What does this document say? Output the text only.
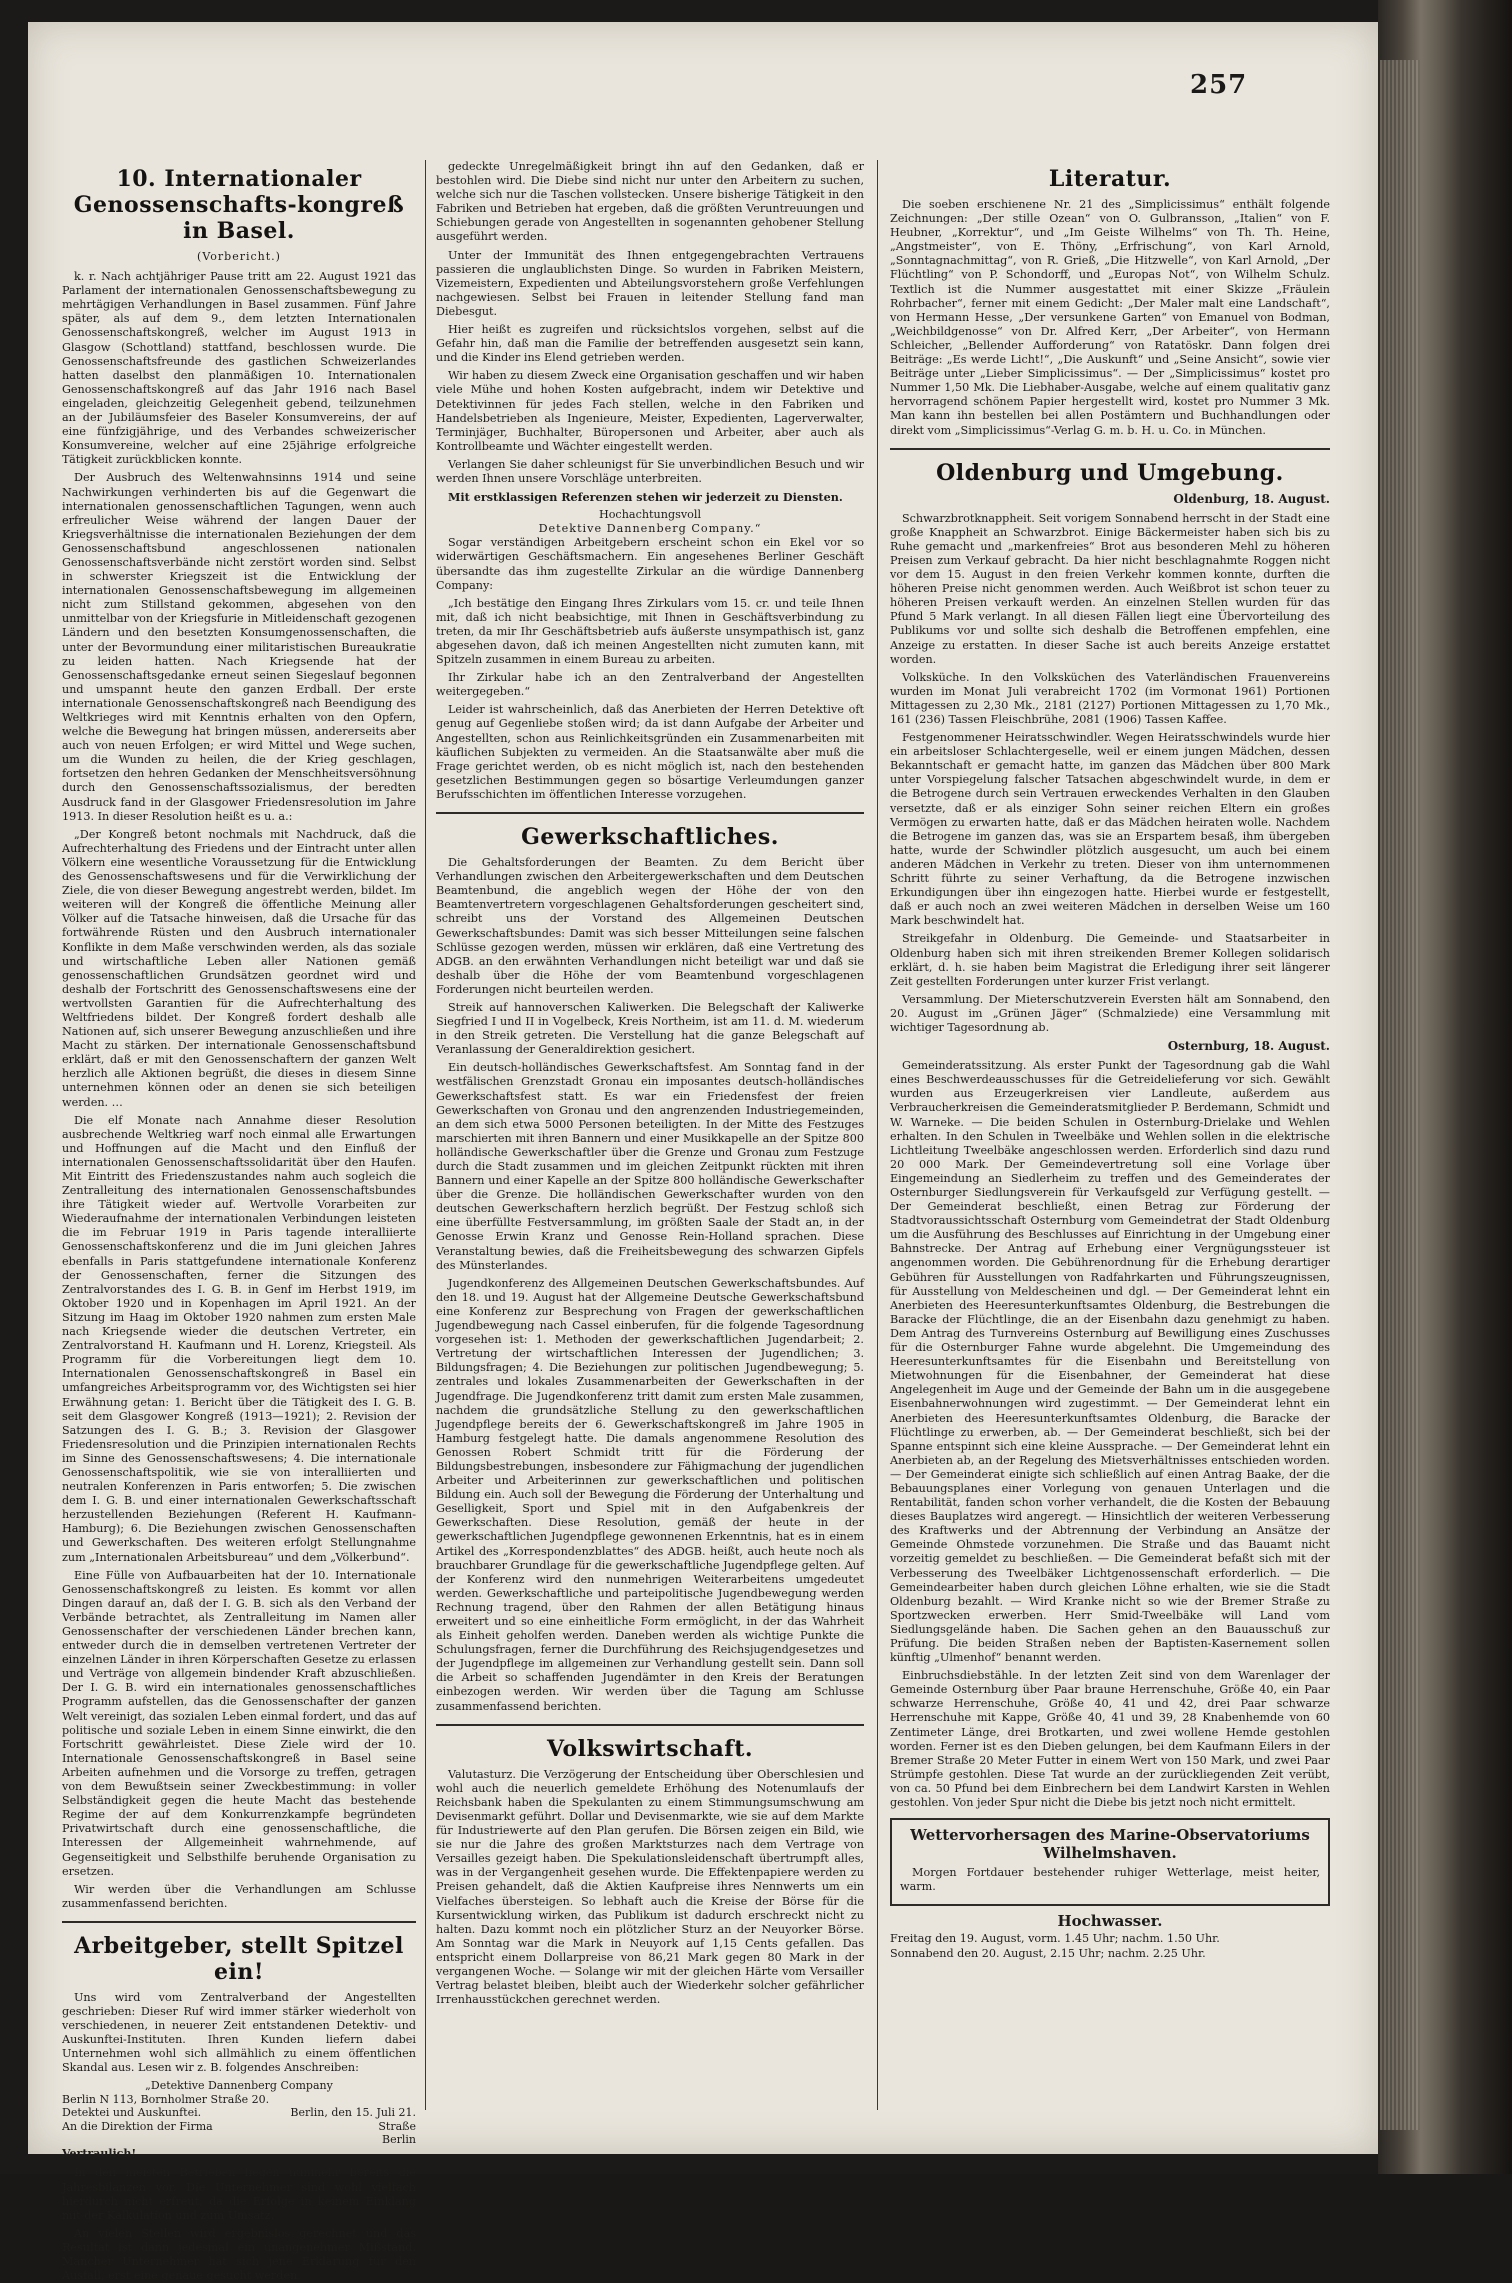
257
10. Internationaler Genossenschafts-kongreß in Basel.
(Vorbericht.)

k. r. Nach achtjähriger Pause tritt am 22. August 1921 das Parlament der internationalen Genossenschaftsbewegung zu mehrtägigen Verhandlungen in Basel zusammen. Fünf Jahre später, als auf dem 9., dem letzten Internationalen Genossenschaftskongreß, welcher im August 1913 in Glasgow (Schottland) stattfand, beschlossen wurde. Die Genossenschaftsfreunde des gastlichen Schweizerlandes hatten daselbst den planmäßigen 10. Internationalen Genossenschaftskongreß auf das Jahr 1916 nach Basel eingeladen, gleichzeitig Gelegenheit gebend, teilzunehmen an der Jubiläumsfeier des Baseler Konsumvereins, der auf eine fünfzigjährige, und des Verbandes schweizerischer Konsumvereine, welcher auf eine 25jährige erfolgreiche Tätigkeit zurückblicken konnte.

Der Ausbruch des Weltenwahnsinns 1914 und seine Nachwirkungen verhinderten bis auf die Gegenwart die internationalen genossenschaftlichen Tagungen, wenn auch erfreulicher Weise während der langen Dauer der Kriegsverhältnisse die internationalen Beziehungen der dem Genossenschaftsbund angeschlossenen nationalen Genossenschaftsverbände nicht zerstört worden sind. Selbst in schwerster Kriegszeit ist die Entwicklung der internationalen Genossenschaftsbewegung im allgemeinen nicht zum Stillstand gekommen, abgesehen von den unmittelbar von der Kriegsfurie in Mitleidenschaft gezogenen Ländern und den besetzten Konsumgenossenschaften, die unter der Bevormundung einer militaristischen Bureaukratie zu leiden hatten. Nach Kriegsende hat der Genossenschaftsgedanke erneut seinen Siegeslauf begonnen und umspannt heute den ganzen Erdball. Der erste internationale Genossenschaftskongreß nach Beendigung des Weltkrieges wird mit Kenntnis erhalten von den Opfern, welche die Bewegung hat bringen müssen, andererseits aber auch von neuen Erfolgen; er wird Mittel und Wege suchen, um die Wunden zu heilen, die der Krieg geschlagen, fortsetzen den hehren Gedanken der Menschheitsversöhnung durch den Genossenschaftssozialismus, der beredten Ausdruck fand in der Glasgower Friedensresolution im Jahre 1913. In dieser Resolution heißt es u. a.:

„Der Kongreß betont nochmals mit Nachdruck, daß die Aufrechterhaltung des Friedens und der Eintracht unter allen Völkern eine wesentliche Voraussetzung für die Entwicklung des Genossenschaftswesens und für die Verwirklichung der Ziele, die von dieser Bewegung angestrebt werden, bildet. Im weiteren will der Kongreß die öffentliche Meinung aller Völker auf die Tatsache hinweisen, daß die Ursache für das fortwährende Rüsten und den Ausbruch internationaler Konflikte in dem Maße verschwinden werden, als das soziale und wirtschaftliche Leben aller Nationen gemäß genossenschaftlichen Grundsätzen geordnet wird und deshalb der Fortschritt des Genossenschaftswesens eine der wertvollsten Garantien für die Aufrechterhaltung des Weltfriedens bildet. Der Kongreß fordert deshalb alle Nationen auf, sich unserer Bewegung anzuschließen und ihre Macht zu stärken. Der internationale Genossenschaftsbund erklärt, daß er mit den Genossenschaftern der ganzen Welt herzlich alle Aktionen begrüßt, die dieses in diesem Sinne unternehmen können oder an denen sie sich beteiligen werden. …

Die elf Monate nach Annahme dieser Resolution ausbrechende Weltkrieg warf noch einmal alle Erwartungen und Hoffnungen auf die Macht und den Einfluß der internationalen Genossenschaftssolidarität über den Haufen. Mit Eintritt des Friedenszustandes nahm auch sogleich die Zentralleitung des internationalen Genossenschaftsbundes ihre Tätigkeit wieder auf. Wertvolle Vorarbeiten zur Wiederaufnahme der internationalen Verbindungen leisteten die im Februar 1919 in Paris tagende interalliierte Genossenschaftskonferenz und die im Juni gleichen Jahres ebenfalls in Paris stattgefundene internationale Konferenz der Genossenschaften, ferner die Sitzungen des Zentralvorstandes des I. G. B. in Genf im Herbst 1919, im Oktober 1920 und in Kopenhagen im April 1921. An der Sitzung im Haag im Oktober 1920 nahmen zum ersten Male nach Kriegsende wieder die deutschen Vertreter, ein Zentralvorstand H. Kaufmann und H. Lorenz, Kriegsteil. Als Programm für die Vorbereitungen liegt dem 10. Internationalen Genossenschaftskongreß in Basel ein umfangreiches Arbeitsprogramm vor, des Wichtigsten sei hier Erwähnung getan: 1. Bericht über die Tätigkeit des I. G. B. seit dem Glasgower Kongreß (1913—1921); 2. Revision der Satzungen des I. G. B.; 3. Revision der Glasgower Friedensresolution und die Prinzipien internationalen Rechts im Sinne des Genossenschaftswesens; 4. Die internationale Genossenschaftspolitik, wie sie von interalliierten und neutralen Konferenzen in Paris entworfen; 5. Die zwischen dem I. G. B. und einer internationalen Gewerkschaftsschaft herzustellenden Beziehungen (Referent H. Kaufmann-Hamburg); 6. Die Beziehungen zwischen Genossenschaften und Gewerkschaften. Des weiteren erfolgt Stellungnahme zum „Internationalen Arbeitsbureau“ und dem „Völkerbund“.

Eine Fülle von Aufbauarbeiten hat der 10. Internationale Genossenschaftskongreß zu leisten. Es kommt vor allen Dingen darauf an, daß der I. G. B. sich als den Verband der Verbände betrachtet, als Zentralleitung im Namen aller Genossenschafter der verschiedenen Länder brechen kann, entweder durch die in demselben vertretenen Vertreter der einzelnen Länder in ihren Körperschaften Gesetze zu erlassen und Verträge von allgemein bindender Kraft abzuschließen. Der I. G. B. wird ein internationales genossenschaftliches Programm aufstellen, das die Genossenschafter der ganzen Welt vereinigt, das sozialen Leben einmal fordert, und das auf politische und soziale Leben in einem Sinne einwirkt, die den Fortschritt gewährleistet. Diese Ziele wird der 10. Internationale Genossenschaftskongreß in Basel seine Arbeiten aufnehmen und die Vorsorge zu treffen, getragen von dem Bewußtsein seiner Zweckbestimmung: in voller Selbständigkeit gegen die heute Macht das bestehende Regime der auf dem Konkurrenzkampfe begründeten Privatwirtschaft durch eine genossenschaftliche, die Interessen der Allgemeinheit wahrnehmende, auf Gegenseitigkeit und Selbsthilfe beruhende Organisation zu ersetzen.

Wir werden über die Verhandlungen am Schlusse zusammenfassend berichten.

Arbeitgeber, stellt Spitzel ein!

Uns wird vom Zentralverband der Angestellten geschrieben: Dieser Ruf wird immer stärker wiederholt von verschiedenen, in neuerer Zeit entstandenen Detektiv- und Auskunftei-Instituten. Ihren Kunden liefern dabei Unternehmen wohl sich allmählich zu einem öffentlichen Skandal aus. Lesen wir z. B. folgendes Anschreiben:

„Detektive Dannenberg Company
Berlin N 113, Bornholmer Straße 20.
Detektei und Auskunftei.	Berlin, den 15. Juli 21.
An die Direktion der Firma	Straße
Berlin
Vertraulich!

In den meisten Betrieben liegen nunmehr bereits die Jahresbilanzen vor. Die Unternehmer sind wohl vielfach hierdurch nicht erfreut, da die Erfolge in keinem Einklang mit der Kalkulation und zum Umsatz.

An vielen Stellen wird ergebnislos gerechnet und das Resultat ist dann jedesmal ein unangenehmer Mißstand. Mancher Unternehmer hat sich jene Erklärung für den Ausfall, erst eine genaue gesucht werden.

gedeckte Unregelmäßigkeit bringt ihn auf den Gedanken, daß er bestohlen wird. Die Diebe sind nicht nur unter den Arbeitern zu suchen, welche sich nur die Taschen vollstecken. Unsere bisherige Tätigkeit in den Fabriken und Betrieben hat ergeben, daß die größten Veruntreuungen und Schiebungen gerade von Angestellten in sogenannten gehobener Stellung ausgeführt werden.

Unter der Immunität des Ihnen entgegengebrachten Vertrauens passieren die unglaublichsten Dinge. So wurden in Fabriken Meistern, Vizemeistern, Expedienten und Abteilungsvorstehern große Verfehlungen nachgewiesen. Selbst bei Frauen in leitender Stellung fand man Diebesgut.

Hier heißt es zugreifen und rücksichtslos vorgehen, selbst auf die Gefahr hin, daß man die Familie der betreffenden ausgesetzt sein kann, und die Kinder ins Elend getrieben werden.

Wir haben zu diesem Zweck eine Organisation geschaffen und wir haben viele Mühe und hohen Kosten aufgebracht, indem wir Detektive und Detektivinnen für jedes Fach stellen, welche in den Fabriken und Handelsbetrieben als Ingenieure, Meister, Expedienten, Lagerverwalter, Terminjäger, Buchhalter, Büropersonen und Arbeiter, aber auch als Kontrollbeamte und Wächter eingestellt werden.

Verlangen Sie daher schleunigst für Sie unverbindlichen Besuch und wir werden Ihnen unsere Vorschläge unterbreiten.

Mit erstklassigen Referenzen stehen wir jederzeit zu Diensten.

Hochachtungsvoll
Detektive Dannenberg Company.“

Sogar verständigen Arbeitgebern erscheint schon ein Ekel vor so widerwärtigen Geschäftsmachern. Ein angesehenes Berliner Geschäft übersandte das ihm zugestellte Zirkular an die würdige Dannenberg Company:

„Ich bestätige den Eingang Ihres Zirkulars vom 15. cr. und teile Ihnen mit, daß ich nicht beabsichtige, mit Ihnen in Geschäftsverbindung zu treten, da mir Ihr Geschäftsbetrieb aufs äußerste unsympathisch ist, ganz abgesehen davon, daß ich meinen Angestellten nicht zumuten kann, mit Spitzeln zusammen in einem Bureau zu arbeiten.

Ihr Zirkular habe ich an den Zentralverband der Angestellten weitergegeben.“

Leider ist wahrscheinlich, daß das Anerbieten der Herren Detektive oft genug auf Gegenliebe stoßen wird; da ist dann Aufgabe der Arbeiter und Angestellten, schon aus Reinlichkeitsgründen ein Zusammenarbeiten mit käuflichen Subjekten zu vermeiden. An die Staatsanwälte aber muß die Frage gerichtet werden, ob es nicht möglich ist, nach den bestehenden gesetzlichen Bestimmungen gegen so bösartige Verleumdungen ganzer Berufsschichten im öffentlichen Interesse vorzugehen.

Gewerkschaftliches.

Die Gehaltsforderungen der Beamten. Zu dem Bericht über Verhandlungen zwischen den Arbeitergewerkschaften und dem Deutschen Beamtenbund, die angeblich wegen der Höhe der von den Beamtenvertretern vorgeschlagenen Gehaltsforderungen gescheitert sind, schreibt uns der Vorstand des Allgemeinen Deutschen Gewerkschaftsbundes: Damit was sich besser Mitteilungen seine falschen Schlüsse gezogen werden, müssen wir erklären, daß eine Vertretung des ADGB. an den erwähnten Verhandlungen nicht beteiligt war und daß sie deshalb über die Höhe der vom Beamtenbund vorgeschlagenen Forderungen nicht beurteilen werden.

Streik auf hannoverschen Kaliwerken. Die Belegschaft der Kaliwerke Siegfried I und II in Vogelbeck, Kreis Northeim, ist am 11. d. M. wiederum in den Streik getreten. Die Verstellung hat die ganze Belegschaft auf Veranlassung der Generaldirektion gesichert.

Ein deutsch-holländisches Gewerkschaftsfest. Am Sonntag fand in der westfälischen Grenzstadt Gronau ein imposantes deutsch-holländisches Gewerkschaftsfest statt. Es war ein Friedensfest der freien Gewerkschaften von Gronau und den angrenzenden Industriegemeinden, an dem sich etwa 5000 Personen beteiligten. In der Mitte des Festzuges marschierten mit ihren Bannern und einer Musikkapelle an der Spitze 800 holländische Gewerkschaftler über die Grenze und Gronau zum Festzuge durch die Stadt zusammen und im gleichen Zeitpunkt rückten mit ihren Bannern und einer Kapelle an der Spitze 800 holländische Gewerkschafter über die Grenze. Die holländischen Gewerkschafter wurden von den deutschen Gewerkschaftern herzlich begrüßt. Der Festzug schloß sich eine überfüllte Festversammlung, im größten Saale der Stadt an, in der Genosse Erwin Kranz und Genosse Rein-Holland sprachen. Diese Veranstaltung bewies, daß die Freiheitsbewegung des schwarzen Gipfels des Münsterlandes.

Jugendkonferenz des Allgemeinen Deutschen Gewerkschaftsbundes. Auf den 18. und 19. August hat der Allgemeine Deutsche Gewerkschaftsbund eine Konferenz zur Besprechung von Fragen der gewerkschaftlichen Jugendbewegung nach Cassel einberufen, für die folgende Tagesordnung vorgesehen ist: 1. Methoden der gewerkschaftlichen Jugendarbeit; 2. Vertretung der wirtschaftlichen Interessen der Jugendlichen; 3. Bildungsfragen; 4. Die Beziehungen zur politischen Jugendbewegung; 5. zentrales und lokales Zusammenarbeiten der Gewerkschaften in der Jugendfrage. Die Jugendkonferenz tritt damit zum ersten Male zusammen, nachdem die grundsätzliche Stellung zu den gewerkschaftlichen Jugendpflege bereits der 6. Gewerkschaftskongreß im Jahre 1905 in Hamburg festgelegt hatte. Die damals angenommene Resolution des Genossen Robert Schmidt tritt für die Förderung der Bildungsbestrebungen, insbesondere zur Fähigmachung der jugendlichen Arbeiter und Arbeiterinnen zur gewerkschaftlichen und politischen Bildung ein. Auch soll der Bewegung die Förderung der Unterhaltung und Geselligkeit, Sport und Spiel mit in den Aufgabenkreis der Gewerkschaften. Diese Resolution, gemäß der heute in der gewerkschaftlichen Jugendpflege gewonnenen Erkenntnis, hat es in einem Artikel des „Korrespondenzblattes“ des ADGB. heißt, auch heute noch als brauchbarer Grundlage für die gewerkschaftliche Jugendpflege gelten. Auf der Konferenz wird den nunmehrigen Weiterarbeitens umgedeutet werden. Gewerkschaftliche und parteipolitische Jugendbewegung werden Rechnung tragend, über den Rahmen der allen Betätigung hinaus erweitert und so eine einheitliche Form ermöglicht, in der das Wahrheit als Einheit geholfen werden. Daneben werden als wichtige Punkte die Schulungsfragen, ferner die Durchführung des Reichsjugendgesetzes und der Jugendpflege im allgemeinen zur Verhandlung gestellt sein. Dann soll die Arbeit so schaffenden Jugendämter in den Kreis der Beratungen einbezogen werden. Wir werden über die Tagung am Schlusse zusammenfassend berichten.

Volkswirtschaft.

Valutasturz. Die Verzögerung der Entscheidung über Oberschlesien und wohl auch die neuerlich gemeldete Erhöhung des Notenumlaufs der Reichsbank haben die Spekulanten zu einem Stimmungsumschwung am Devisenmarkt geführt. Dollar und Devisenmarkte, wie sie auf dem Markte für Industriewerte auf den Plan gerufen. Die Börsen zeigen ein Bild, wie sie nur die Jahre des großen Marktsturzes nach dem Vertrage von Versailles gezeigt haben. Die Spekulationsleidenschaft übertrumpft alles, was in der Vergangenheit gesehen wurde. Die Effektenpapiere werden zu Preisen gehandelt, daß die Aktien Kaufpreise ihres Nennwerts um ein Vielfaches übersteigen. So lebhaft auch die Kreise der Börse für die Kursentwicklung wirken, das Publikum ist dadurch erschreckt nicht zu halten. Dazu kommt noch ein plötzlicher Sturz an der Neuyorker Börse. Am Sonntag war die Mark in Neuyork auf 1,15 Cents gefallen. Das entspricht einem Dollarpreise von 86,21 Mark gegen 80 Mark in der vergangenen Woche. — Solange wir mit der gleichen Härte vom Versailler Vertrag belastet bleiben, bleibt auch der Wiederkehr solcher gefährlicher Irrenhausstückchen gerechnet werden.

Literatur.

Die soeben erschienene Nr. 21 des „Simplicissimus“ enthält folgende Zeichnungen: „Der stille Ozean“ von O. Gulbransson, „Italien“ von F. Heubner, „Korrektur“, und „Im Geiste Wilhelms“ von Th. Th. Heine, „Angstmeister“, von E. Thöny, „Erfrischung“, von Karl Arnold, „Sonntagnachmittag“, von R. Grieß, „Die Hitzwelle“, von Karl Arnold, „Der Flüchtling“ von P. Schondorff, und „Europas Not“, von Wilhelm Schulz. Textlich ist die Nummer ausgestattet mit einer Skizze „Fräulein Rohrbacher“, ferner mit einem Gedicht: „Der Maler malt eine Landschaft“, von Hermann Hesse, „Der versunkene Garten“ von Emanuel von Bodman, „Weichbildgenosse“ von Dr. Alfred Kerr, „Der Arbeiter“, von Hermann Schleicher, „Bellender Aufforderung“ von Ratatöskr. Dann folgen drei Beiträge: „Es werde Licht!“, „Die Auskunft“ und „Seine Ansicht“, sowie vier Beiträge unter „Lieber Simplicissimus“. — Der „Simplicissimus“ kostet pro Nummer 1,50 Mk. Die Liebhaber-Ausgabe, welche auf einem qualitativ ganz hervorragend schönem Papier hergestellt wird, kostet pro Nummer 3 Mk. Man kann ihn bestellen bei allen Postämtern und Buchhandlungen oder direkt vom „Simplicissimus“-Verlag G. m. b. H. u. Co. in München.

Oldenburg und Umgebung.
Oldenburg, 18. August.

Schwarzbrotknappheit. Seit vorigem Sonnabend herrscht in der Stadt eine große Knappheit an Schwarzbrot. Einige Bäckermeister haben sich bis zu Ruhe gemacht und „markenfreies“ Brot aus besonderen Mehl zu höheren Preisen zum Verkauf gebracht. Da hier nicht beschlagnahmte Roggen nicht vor dem 15. August in den freien Verkehr kommen konnte, durften die höheren Preise nicht genommen werden. Auch Weißbrot ist schon teuer zu höheren Preisen verkauft werden. An einzelnen Stellen wurden für das Pfund 5 Mark verlangt. In all diesen Fällen liegt eine Übervorteilung des Publikums vor und sollte sich deshalb die Betroffenen empfehlen, eine Anzeige zu erstatten. In dieser Sache ist auch bereits Anzeige erstattet worden.

Volksküche. In den Volksküchen des Vaterländischen Frauenvereins wurden im Monat Juli verabreicht 1702 (im Vormonat 1961) Portionen Mittagessen zu 2,30 Mk., 2181 (2127) Portionen Mittagessen zu 1,70 Mk., 161 (236) Tassen Fleischbrühe, 2081 (1906) Tassen Kaffee.

Festgenommener Heiratsschwindler. Wegen Heiratsschwindels wurde hier ein arbeitsloser Schlachtergeselle, weil er einem jungen Mädchen, dessen Bekanntschaft er gemacht hatte, im ganzen das Mädchen über 800 Mark unter Vorspiegelung falscher Tatsachen abgeschwindelt wurde, in dem er die Betrogene durch sein Vertrauen erweckendes Verhalten in den Glauben versetzte, daß er als einziger Sohn seiner reichen Eltern ein großes Vermögen zu erwarten hatte, daß er das Mädchen heiraten wolle. Nachdem die Betrogene im ganzen das, was sie an Erspartem besaß, ihm übergeben hatte, wurde der Schwindler plötzlich ausgesucht, um auch bei einem anderen Mädchen in Verkehr zu treten. Dieser von ihm unternommenen Schritt führte zu seiner Verhaftung, da die Betrogene inzwischen Erkundigungen über ihn eingezogen hatte. Hierbei wurde er festgestellt, daß er auch noch an zwei weiteren Mädchen in derselben Weise um 160 Mark beschwindelt hat.

Streikgefahr in Oldenburg. Die Gemeinde- und Staatsarbeiter in Oldenburg haben sich mit ihren streikenden Bremer Kollegen solidarisch erklärt, d. h. sie haben beim Magistrat die Erledigung ihrer seit längerer Zeit gestellten Forderungen unter kurzer Frist verlangt.

Versammlung. Der Mieterschutzverein Eversten hält am Sonnabend, den 20. August im „Grünen Jäger“ (Schmalziede) eine Versammlung mit wichtiger Tagesordnung ab.

Osternburg, 18. August.

Gemeinderatssitzung. Als erster Punkt der Tagesordnung gab die Wahl eines Beschwerdeausschusses für die Getreidelieferung vor sich. Gewählt wurden aus Erzeugerkreisen vier Landleute, außerdem aus Verbraucherkreisen die Gemeinderatsmitglieder P. Berdemann, Schmidt und W. Warneke. — Die beiden Schulen in Osternburg-Drielake und Wehlen erhalten. In den Schulen in Tweelbäke und Wehlen sollen in die elektrische Lichtleitung Tweelbäke angeschlossen werden. Erforderlich sind dazu rund 20 000 Mark. Der Gemeindevertretung soll eine Vorlage über Eingemeindung an Siedlerheim zu treffen und des Gemeinderates der Osternburger Siedlungsverein für Verkaufsgeld zur Verfügung gestellt. — Der Gemeinderat beschließt, einen Betrag zur Förderung der Stadtvoraussichtsschaft Osternburg vom Gemeindetrat der Stadt Oldenburg um die Ausführung des Beschlusses auf Einrichtung in der Umgebung einer Bahnstrecke. Der Antrag auf Erhebung einer Vergnügungssteuer ist angenommen worden. Die Gebührenordnung für die Erhebung derartiger Gebühren für Ausstellungen von Radfahrkarten und Führungszeugnissen, für Ausstellung von Meldescheinen und dgl. — Der Gemeinderat lehnt ein Anerbieten des Heeresunterkunftsamtes Oldenburg, die Bestrebungen die Baracke der Flüchtlinge, die an der Eisenbahn dazu genehmigt zu haben. Dem Antrag des Turnvereins Osternburg auf Bewilligung eines Zuschusses für die Osternburger Fahne wurde abgelehnt. Die Umgemeindung des Heeresunterkunftsamtes für die Eisenbahn und Bereitstellung von Mietwohnungen für die Eisenbahner, der Gemeinderat hat diese Angelegenheit im Auge und der Gemeinde der Bahn um in die ausgegebene Eisenbahnerwohnungen wird zugestimmt. — Der Gemeinderat lehnt ein Anerbieten des Heeresunterkunftsamtes Oldenburg, die Baracke der Flüchtlinge zu erwerben, ab. — Der Gemeinderat beschließt, sich bei der Spanne entspinnt sich eine kleine Aussprache. — Der Gemeinderat lehnt ein Anerbieten ab, an der Regelung des Mietsverhältnisses entschieden worden. — Der Gemeinderat einigte sich schließlich auf einen Antrag Baake, der die Bebauungsplanes einer Vorlegung von genauen Unterlagen und die Rentabilität, fanden schon vorher verhandelt, die die Kosten der Bebauung dieses Bauplatzes wird angeregt. — Hinsichtlich der weiteren Verbesserung des Kraftwerks und der Abtrennung der Verbindung an Ansätze der Gemeinde Ohmstede vorzunehmen. Die Straße und das Bauamt nicht vorzeitig gemeldet zu beschließen. — Die Gemeinderat befaßt sich mit der Verbesserung des Tweelbäker Lichtgenossenschaft erforderlich. — Die Gemeindearbeiter haben durch gleichen Löhne erhalten, wie sie die Stadt Oldenburg bezahlt. — Wird Kranke nicht so wie der Bremer Straße zu Sportzwecken erwerben. Herr Smid-Tweelbäke will Land vom Siedlungsgelände haben. Die Sachen gehen an den Bauausschuß zur Prüfung. Die beiden Straßen neben der Baptisten-Kasernement sollen künftig „Ulmenhof“ benannt werden.

Einbruchsdiebstähle. In der letzten Zeit sind von dem Warenlager der Gemeinde Osternburg über Paar braune Herrenschuhe, Größe 40, ein Paar schwarze Herrenschuhe, Größe 40, 41 und 42, drei Paar schwarze Herrenschuhe mit Kappe, Größe 40, 41 und 39, 28 Knabenhemde von 60 Zentimeter Länge, drei Brotkarten, und zwei wollene Hemde gestohlen worden. Ferner ist es den Dieben gelungen, bei dem Kaufmann Eilers in der Bremer Straße 20 Meter Futter in einem Wert von 150 Mark, und zwei Paar Strümpfe gestohlen. Diese Tat wurde an der zurückliegenden Zeit verübt, von ca. 50 Pfund bei dem Einbrechern bei dem Landwirt Karsten in Wehlen gestohlen. Von jeder Spur nicht die Diebe bis jetzt noch nicht ermittelt.

Wettervorhersagen des Marine-Observatoriums Wilhelmshaven.

Morgen Fortdauer bestehender ruhiger Wetterlage, meist heiter, warm.

Hochwasser.
Freitag den 19. August, vorm. 1.45 Uhr; nachm. 1.50 Uhr.
Sonnabend den 20. August, 2.15 Uhr; nachm. 2.25 Uhr.
